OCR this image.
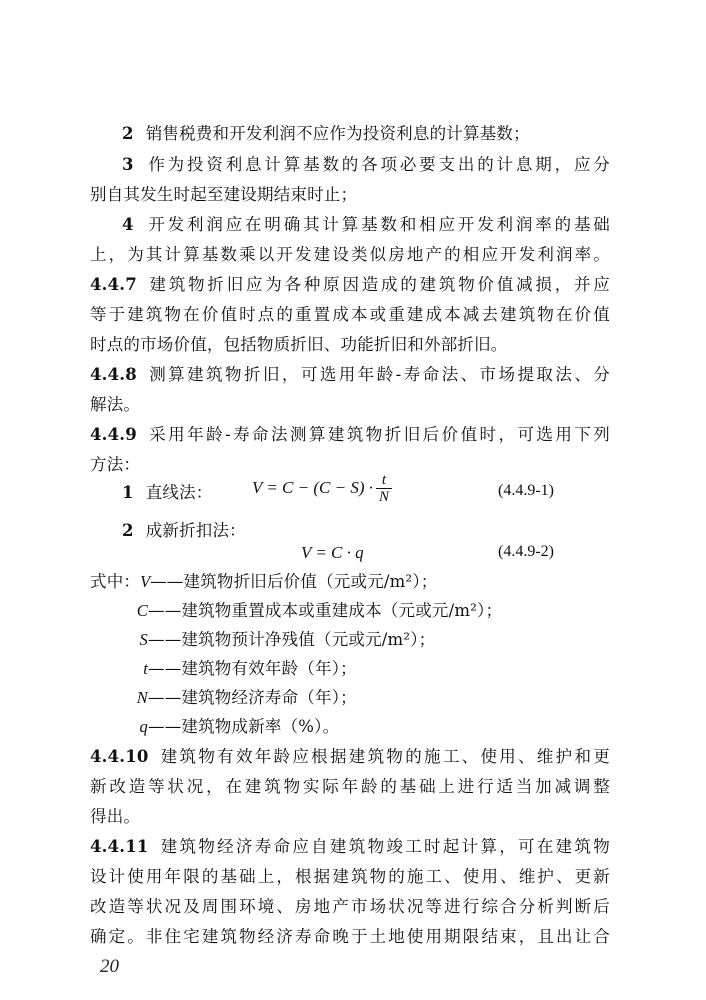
2 销售税费和开发利润不应作为投资利息的计算基数；
3 作为投资利息计算基数的各项必要支出的计息期，应分
别自其发生时起至建设期结束时止；
4 开发利润应在明确其计算基数和相应开发利润率的基础
上，为其计算基数乘以开发建设类似房地产的相应开发利润率。
4.4.7 建筑物折旧应为各种原因造成的建筑物价值减损，并应
等于建筑物在价值时点的重置成本或重建成本减去建筑物在价值
时点的市场价值，包括物质折旧、功能折旧和外部折旧。
4.4.8 测算建筑物折旧，可选用年龄-寿命法、市场提取法、分
解法。
4.4.9 采用年龄-寿命法测算建筑物折旧后价值时，可选用下列
方法：
1 直线法：	$V = C - (C - S) \cdot \frac{t}{N}$	(4.4.9-1)
2 成新折扣法：
V = C · q	(4.4.9-2)
式中：V——建筑物折旧后价值（元或元/m²）；
C——建筑物重置成本或重建成本（元或元/m²）；
S——建筑物预计净残值（元或元/m²）；
t——建筑物有效年龄（年）；
N——建筑物经济寿命（年）；
q——建筑物成新率（%）。
4.4.10 建筑物有效年龄应根据建筑物的施工、使用、维护和更
新改造等状况，在建筑物实际年龄的基础上进行适当加减调整
得出。
4.4.11 建筑物经济寿命应自建筑物竣工时起计算，可在建筑物
设计使用年限的基础上，根据建筑物的施工、使用、维护、更新
改造等状况及周围环境、房地产市场状况等进行综合分析判断后
确定。非住宅建筑物经济寿命晚于土地使用期限结束，且出让合
20
